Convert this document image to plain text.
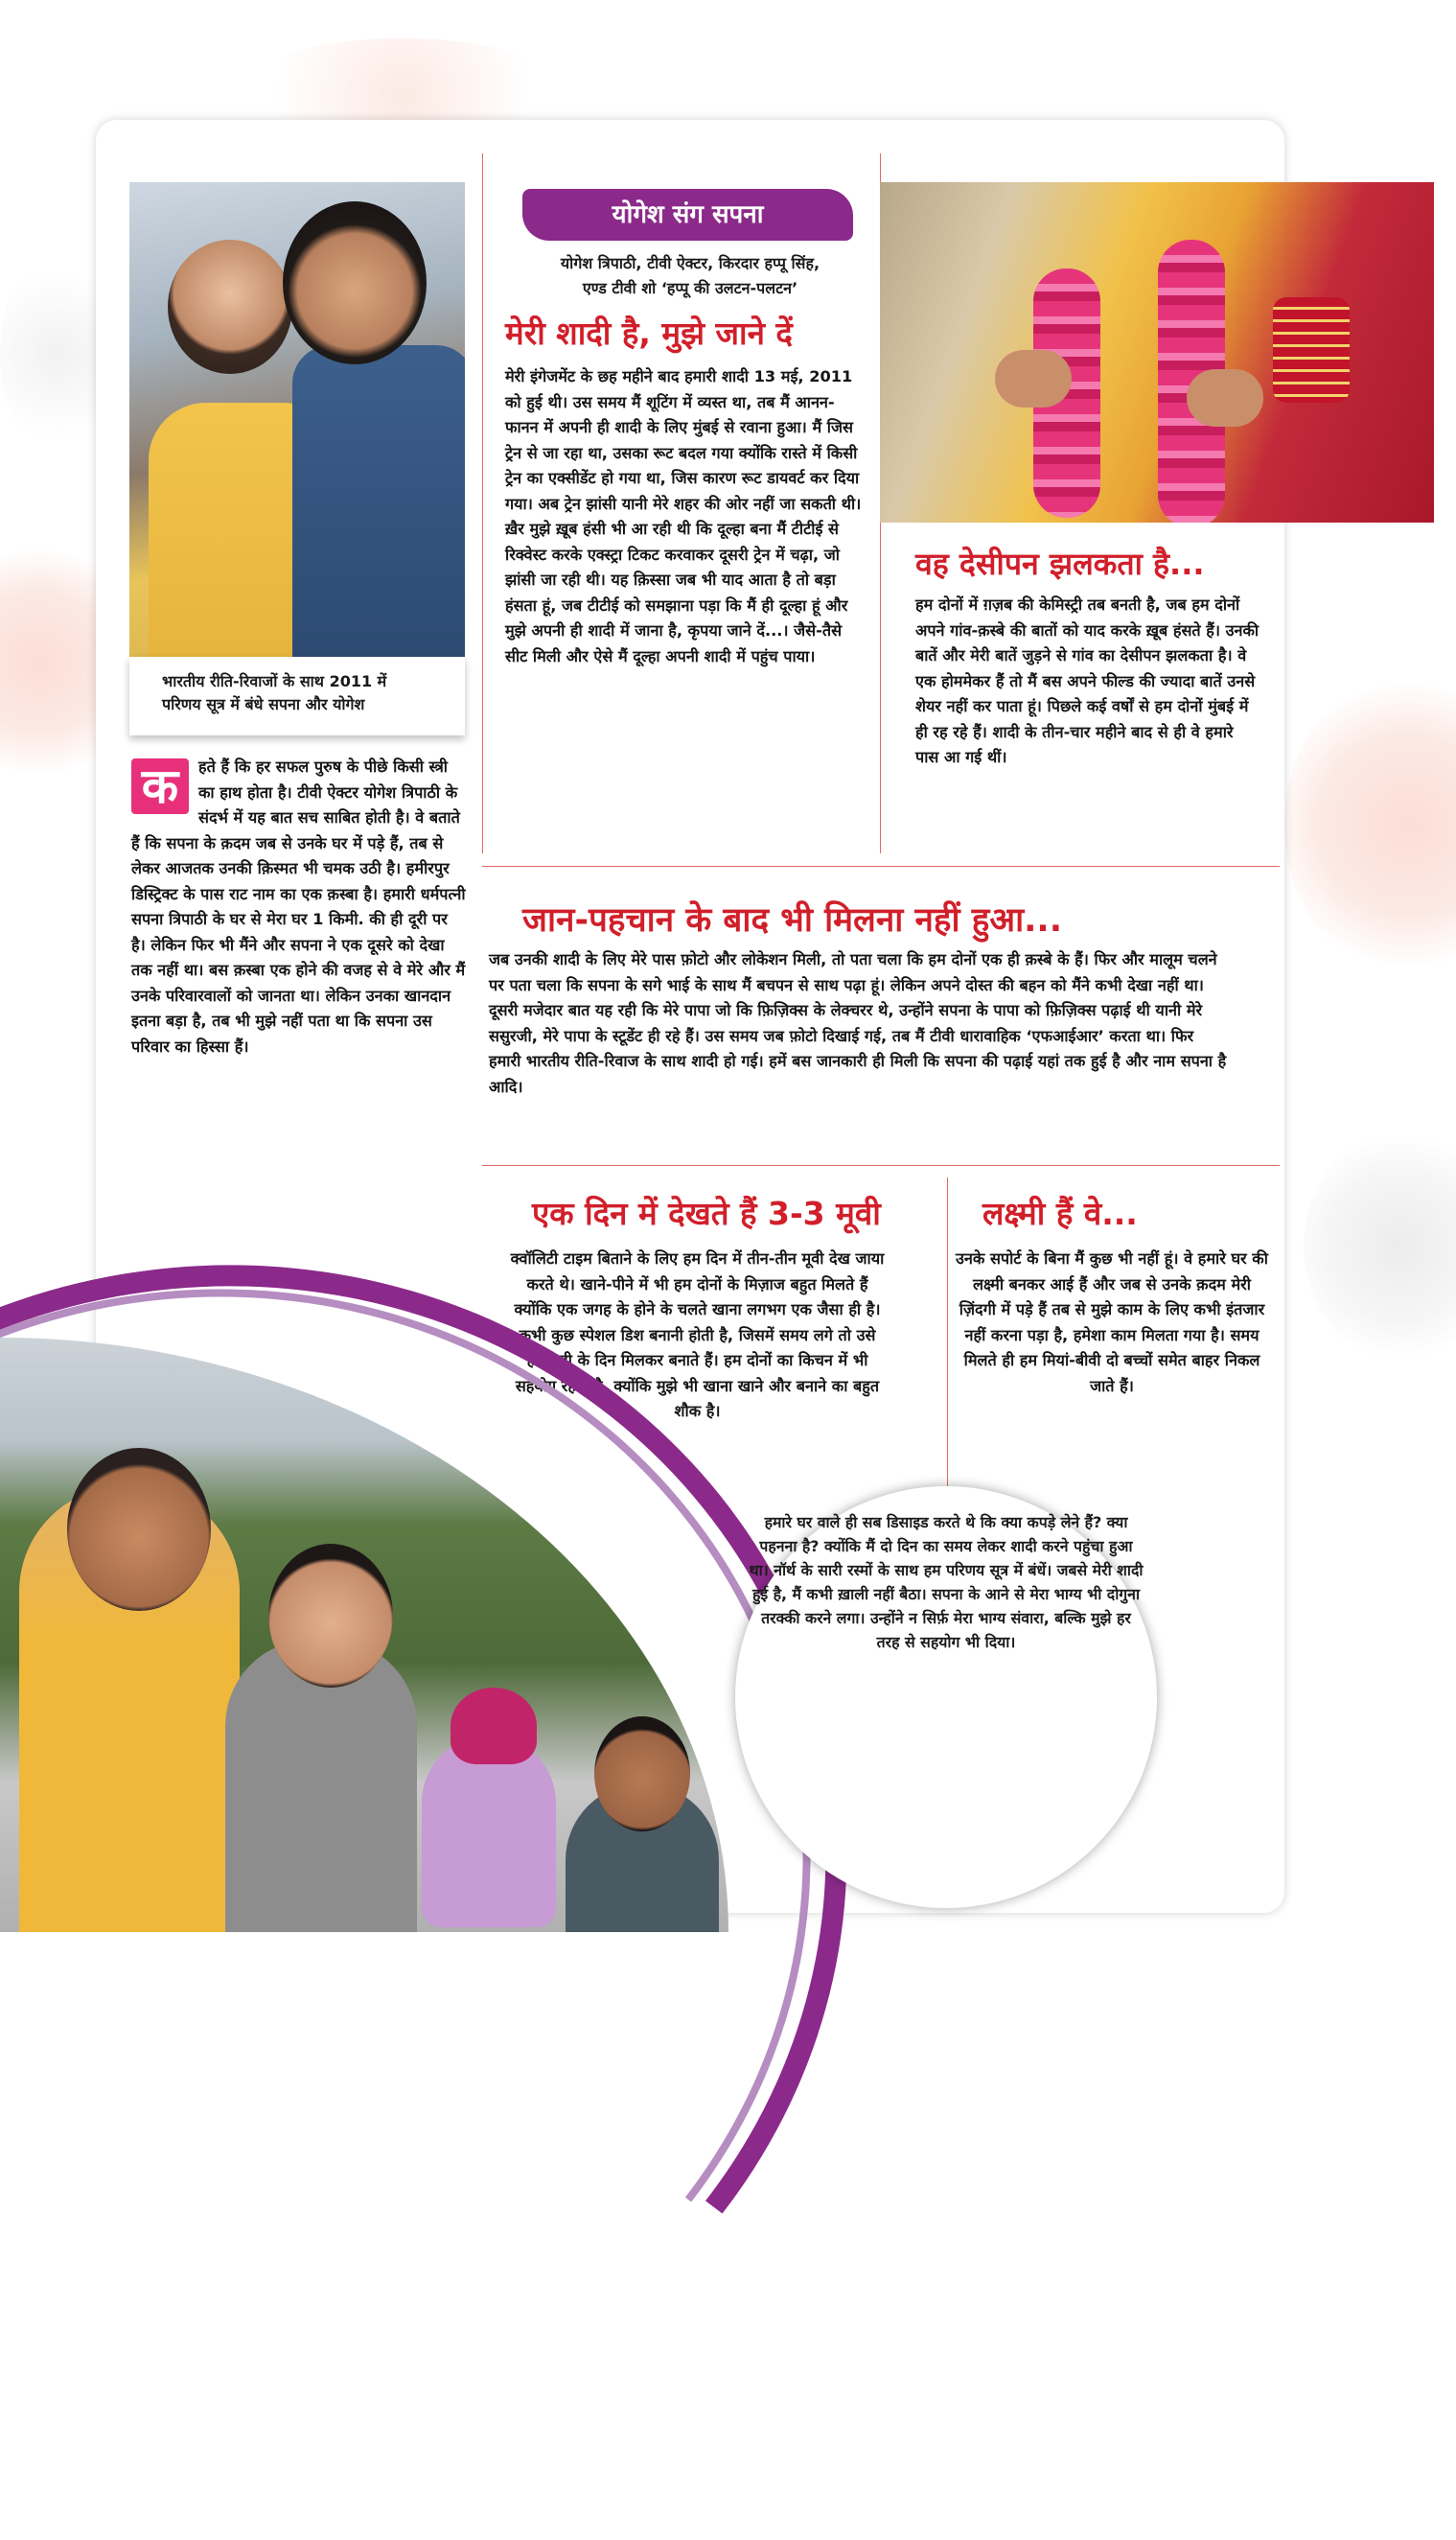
भारतीय रीति-रिवाजों के साथ 2011 में
परिणय सूत्र में बंधे सपना और योगेश
योगेश संग सपना
योगेश त्रिपाठी, टीवी ऐक्टर, किरदार हप्पू सिंह,
एण्ड टीवी शो ‘हप्पू की उलटन-पलटन’
मेरी शादी है, मुझे जाने दें
मेरी इंगेजमेंट के छह महीने बाद हमारी शादी 13 मई, 2011 को हुई थी। उस समय मैं शूटिंग में व्यस्त था, तब मैं आनन-फानन में अपनी ही शादी के लिए मुंबई से रवाना हुआ। मैं जिस ट्रेन से जा रहा था, उसका रूट बदल गया क्योंकि रास्ते में किसी ट्रेन का एक्सीडेंट हो गया था, जिस कारण रूट डायवर्ट कर दिया गया। अब ट्रेन झांसी यानी मेरे शहर की ओर नहीं जा सकती थी। ख़ैर मुझे ख़ूब हंसी भी आ रही थी कि दूल्हा बना मैं टीटीई से रिक्वेस्ट करके एक्स्ट्रा टिकट करवाकर दूसरी ट्रेन में चढ़ा, जो झांसी जा रही थी। यह क़िस्सा जब भी याद आता है तो बड़ा हंसता हूं, जब टीटीई को समझाना पड़ा कि मैं ही दूल्हा हूं और मुझे अपनी ही शादी में जाना है, कृपया जाने दें...। जैसे-तैसे सीट मिली और ऐसे मैं दूल्हा अपनी शादी में पहुंच पाया।
वह देसीपन झलकता है...
हम दोनों में ग़ज़ब की केमिस्ट्री तब बनती है, जब हम दोनों अपने गांव-क़स्बे की बातों को याद करके ख़ूब हंसते हैं। उनकी बातें और मेरी बातें जुड़ने से गांव का देसीपन झलकता है। वे एक होममेकर हैं तो मैं बस अपने फील्ड की ज्यादा बातें उनसे शेयर नहीं कर पाता हूं। पिछले कई वर्षों से हम दोनों मुंबई में ही रह रहे हैं। शादी के तीन-चार महीने बाद से ही वे हमारे पास आ गई थीं।
क	हते हैं कि हर सफल पुरुष के पीछे किसी स्त्री का हाथ होता है। टीवी ऐक्टर योगेश त्रिपाठी के संदर्भ में यह बात सच साबित होती है। वे बताते हैं कि सपना के क़दम जब से उनके घर में पड़े हैं, तब से लेकर आजतक उनकी क़िस्मत भी चमक उठी है। हमीरपुर डिस्ट्रिक्ट के पास राट नाम का एक क़स्बा है। हमारी धर्मपत्नी सपना त्रिपाठी के घर से मेरा घर 1 किमी. की ही दूरी पर है। लेकिन फिर भी मैंने और सपना ने एक दूसरे को देखा तक नहीं था। बस क़स्बा एक होने की वजह से वे मेरे और मैं उनके परिवारवालों को जानता था। लेकिन उनका खानदान इतना बड़ा है, तब भी मुझे नहीं पता था कि सपना उस परिवार का हिस्सा हैं।
जान-पहचान के बाद भी मिलना नहीं हुआ...
जब उनकी शादी के लिए मेरे पास फ़ोटो और लोकेशन मिली, तो पता चला कि हम दोनों एक ही क़स्बे के हैं। फिर और मालूम चलने पर पता चला कि सपना के सगे भाई के साथ मैं बचपन से साथ पढ़ा हूं। लेकिन अपने दोस्त की बहन को मैंने कभी देखा नहीं था। दूसरी मजेदार बात यह रही कि मेरे पापा जो कि फ़िज़िक्स के लेक्चरर थे, उन्होंने सपना के पापा को फ़िज़िक्स पढ़ाई थी यानी मेरे ससुरजी, मेरे पापा के स्टूडेंट ही रहे हैं। उस समय जब फ़ोटो दिखाई गई, तब मैं टीवी धारावाहिक ‘एफआईआर’ करता था। फिर हमारी भारतीय रीति-रिवाज के साथ शादी हो गई। हमें बस जानकारी ही मिली कि सपना की पढ़ाई यहां तक हुई है और नाम सपना है आदि।
एक दिन में देखते हैं 3-3 मूवी
क्वॉलिटी टाइम बिताने के लिए हम दिन में तीन-तीन मूवी देख जाया करते थे। खाने-पीने में भी हम दोनों के मिज़ाज बहुत मिलते हैं क्योंकि एक जगह के होने के चलते खाना लगभग एक जैसा ही है। कभी कुछ स्पेशल डिश बनानी होती है, जिसमें समय लगे तो उसे हम छुट्टी के दिन मिलकर बनाते हैं। हम दोनों का किचन में भी सहयोग रहता है, क्योंकि मुझे भी खाना खाने और बनाने का बहुत शौक है।
लक्ष्मी हैं वे...
उनके सपोर्ट के बिना मैं कुछ भी नहीं हूं। वे हमारे घर की लक्ष्मी बनकर आई हैं और जब से उनके क़दम मेरी ज़िंदगी में पड़े हैं तब से मुझे काम के लिए कभी इंतजार नहीं करना पड़ा है, हमेशा काम मिलता गया है। समय मिलते ही हम मियां-बीवी दो बच्चों समेत बाहर निकल जाते हैं।
हमारे घर वाले ही सब डिसाइड करते थे कि क्या कपड़े लेने हैं? क्या पहनना है? क्योंकि मैं दो दिन का समय लेकर शादी करने पहुंचा हुआ था। नॉर्थ के सारी रस्मों के साथ हम परिणय सूत्र में बंधें। जबसे मेरी शादी हुई है, मैं कभी ख़ाली नहीं बैठा। सपना के आने से मेरा भाग्य भी दोगुना तरक्की करने लगा। उन्होंने न सिर्फ़ मेरा भाग्य संवारा, बल्कि मुझे हर तरह से सहयोग भी दिया।
